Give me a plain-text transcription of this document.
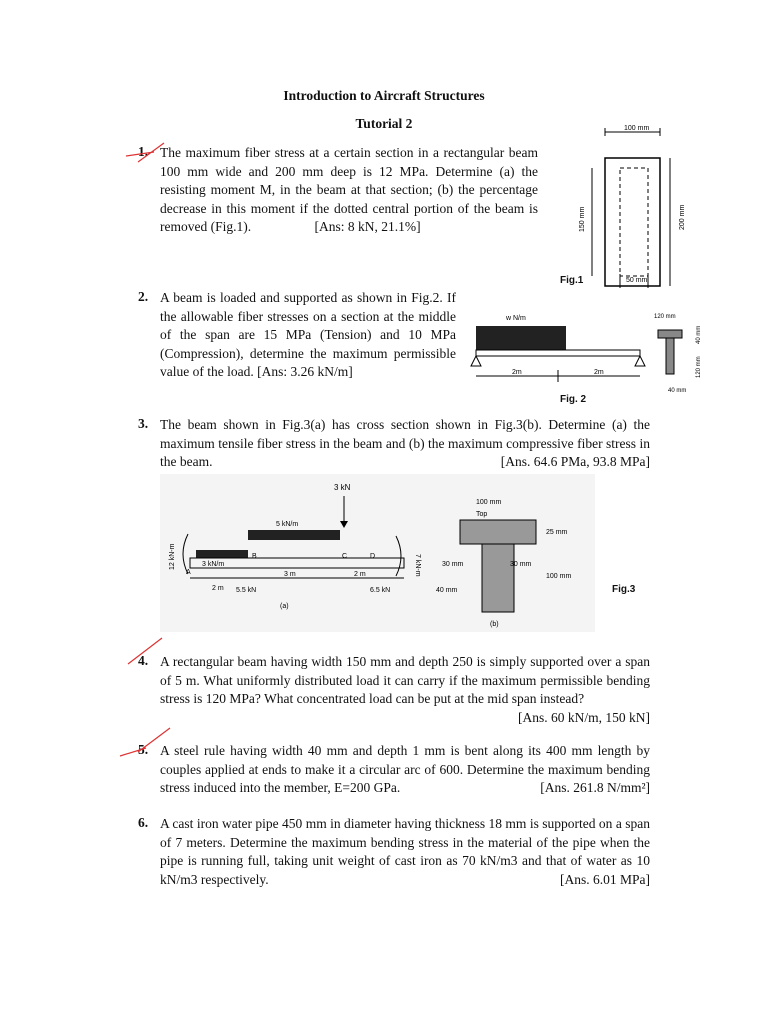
Introduction to Aircraft Structures
Tutorial 2
1. The maximum fiber stress at a certain section in a rectangular beam 100 mm wide and 200 mm deep is 12 MPa. Determine (a) the resisting moment M, in the beam at that section; (b) the percentage decrease in this moment if the dotted central portion of the beam is removed (Fig.1).	[Ans: 8 kN, 21.1%]
100 mm
150 mm	200 mm
50 mm
Fig.1
2. A beam is loaded and supported as shown in Fig.2. If the allowable fiber stresses on a section at the middle of the span are 15 MPa (Tension) and 10 MPa (Compression), determine the maximum permissible value of the load. [Ans: 3.26 kN/m]
w N/m
2m	2m
120 mm
40 mm
120 mm
40 mm
Fig. 2
3. The beam shown in Fig.3(a) has cross section shown in Fig.3(b). Determine (a) the maximum tensile fiber stress in the beam and (b) the maximum compressive fiber stress in the beam.	[Ans. 64.6 PMa, 93.8 MPa]
3 kN
5 kN/m
12 kN-m	7 kN-m
A
B	C	D
3 kN/m
3 m	2 m
2 m 5.5 kN	6.5 kN
(a)
100 mm
Top
25 mm
30 mm	30 mm
40 mm
100 mm
(b)
Fig.3
4. A rectangular beam having width 150 mm and depth 250 is simply supported over a span of 5 m. What uniformly distributed load it can carry if the maximum permissible bending stress is 120 MPa? What concentrated load can be put at the mid span instead?
[Ans. 60 kN/m, 150 kN]
5. A steel rule having width 40 mm and depth 1 mm is bent along its 400 mm length by couples applied at ends to make it a circular arc of 600. Determine the maximum bending stress induced into the member, E=200 GPa.	[Ans. 261.8 N/mm²]
6. A cast iron water pipe 450 mm in diameter having thickness 18 mm is supported on a span of 7 meters. Determine the maximum bending stress in the material of the pipe when the pipe is running full, taking unit weight of cast iron as 70 kN/m3 and that of water as 10 kN/m3 respectively.	[Ans. 6.01 MPa]
